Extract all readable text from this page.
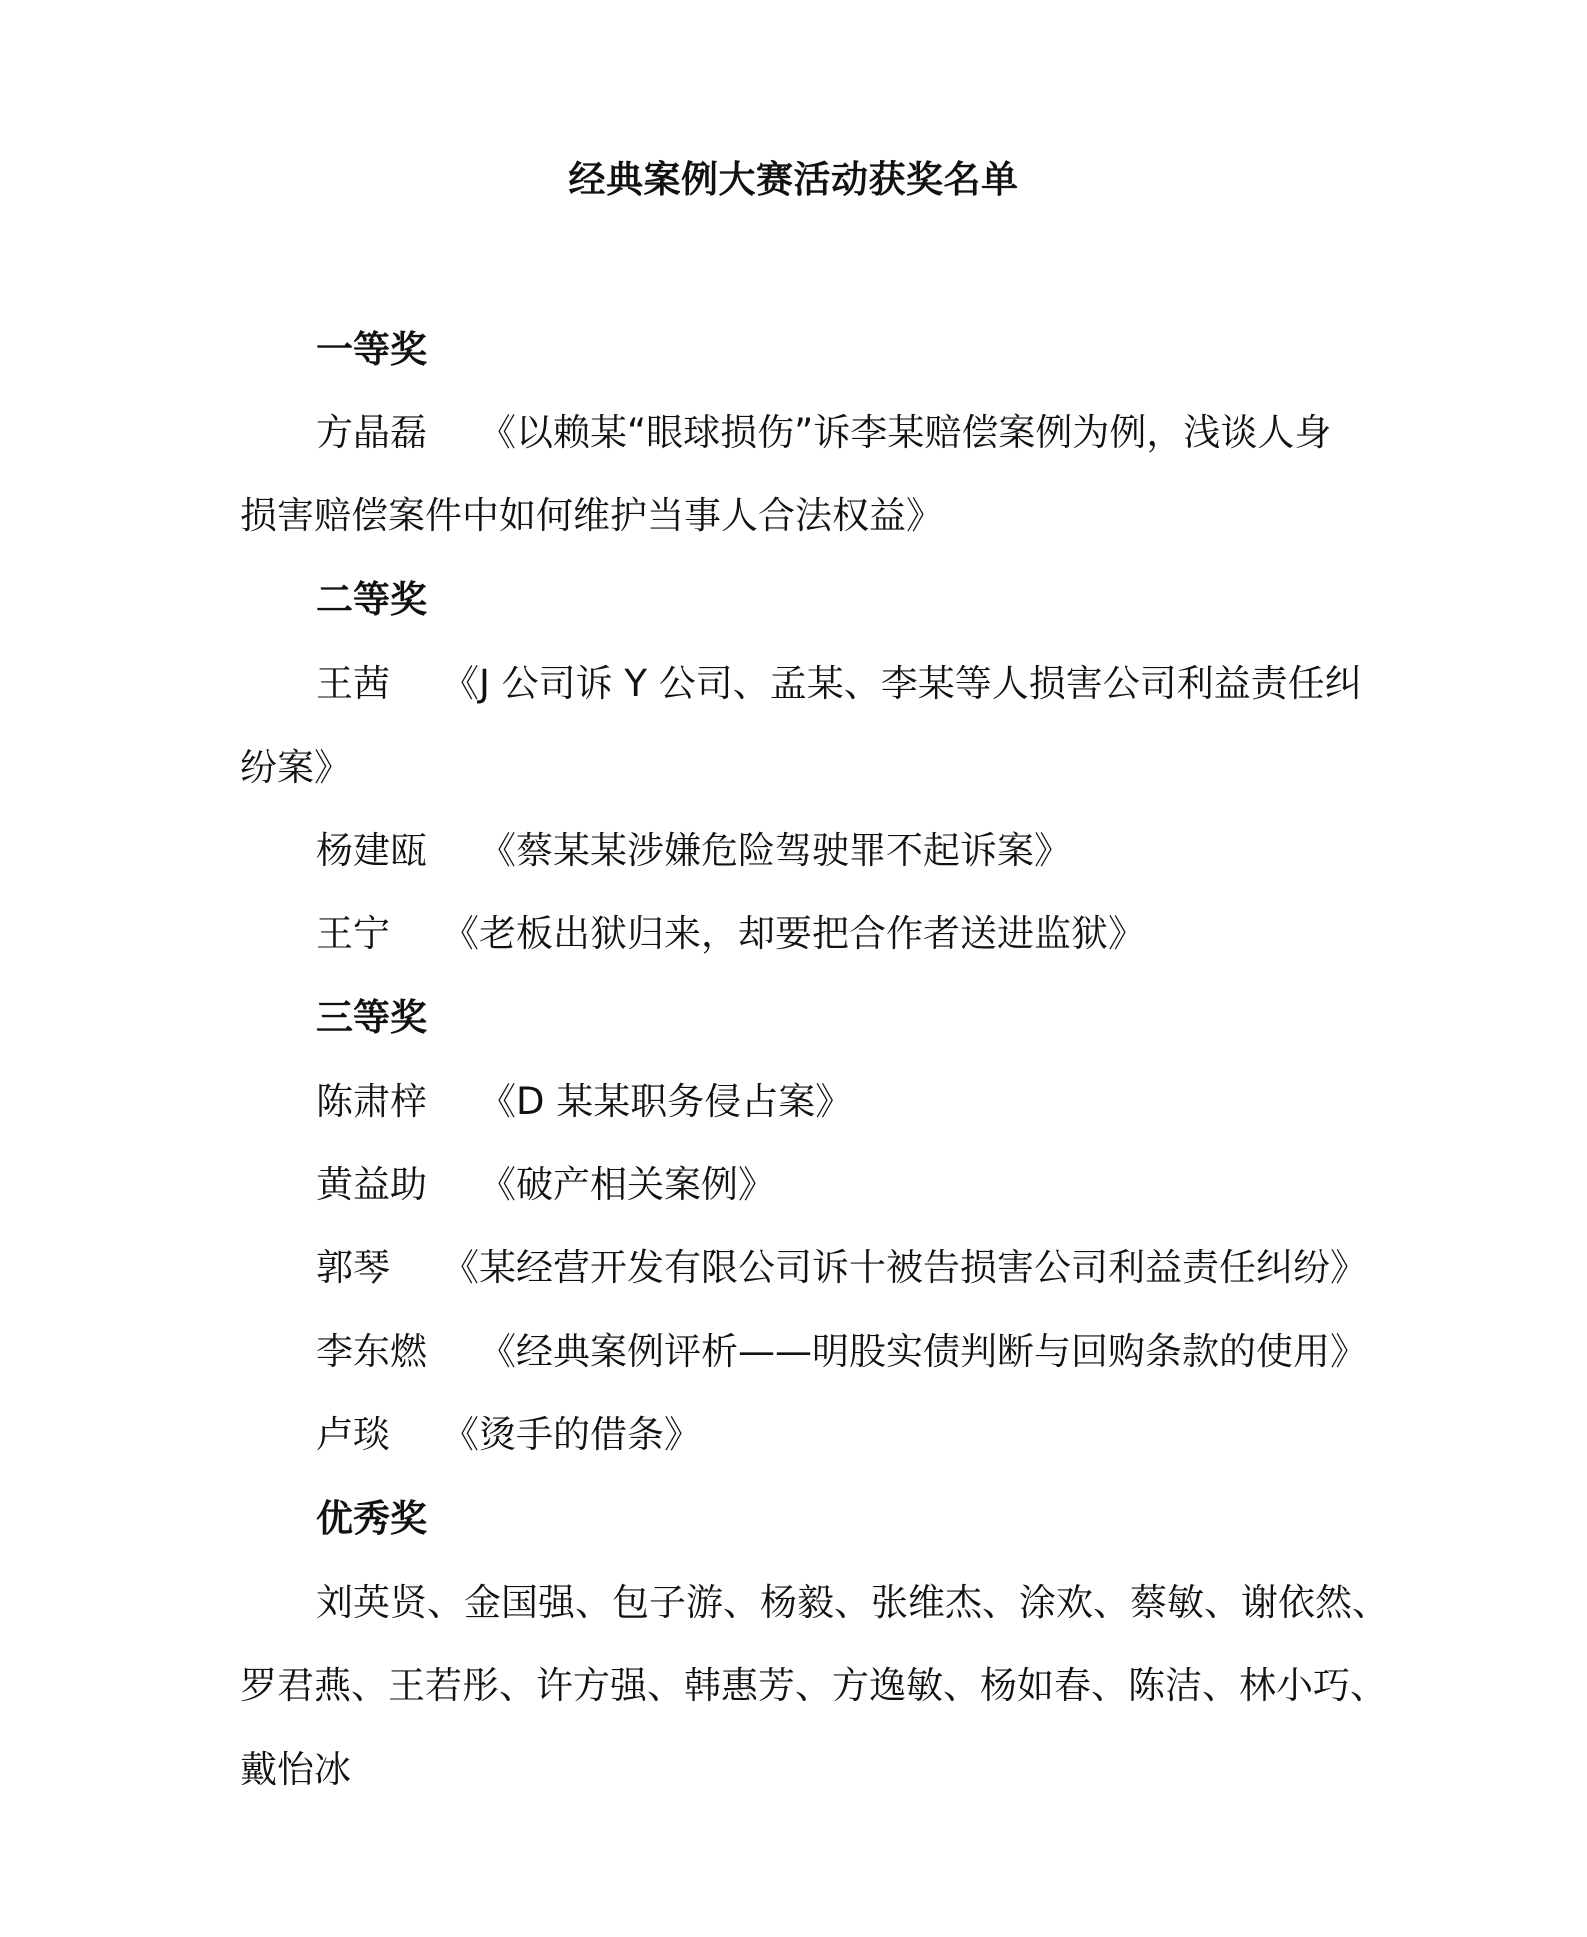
经典案例大赛活动获奖名单
一等奖
方晶磊 《以赖某“眼球损伤”诉李某赔偿案例为例，浅谈人身
损害赔偿案件中如何维护当事人合法权益》
二等奖
王茜 《J 公司诉 Y 公司、孟某、李某等人损害公司利益责任纠
纷案》
杨建瓯 《蔡某某涉嫌危险驾驶罪不起诉案》
王宁 《老板出狱归来，却要把合作者送进监狱》
三等奖
陈肃梓 《D 某某职务侵占案》
黄益助 《破产相关案例》
郭琴 《某经营开发有限公司诉十被告损害公司利益责任纠纷》
李东燃 《经典案例评析——明股实债判断与回购条款的使用》
卢琰 《烫手的借条》
优秀奖
刘英贤、金国强、包子游、杨毅、张维杰、涂欢、蔡敏、谢依然、
罗君燕、王若彤、许方强、韩惠芳、方逸敏、杨如春、陈洁、林小巧、
戴怡冰
